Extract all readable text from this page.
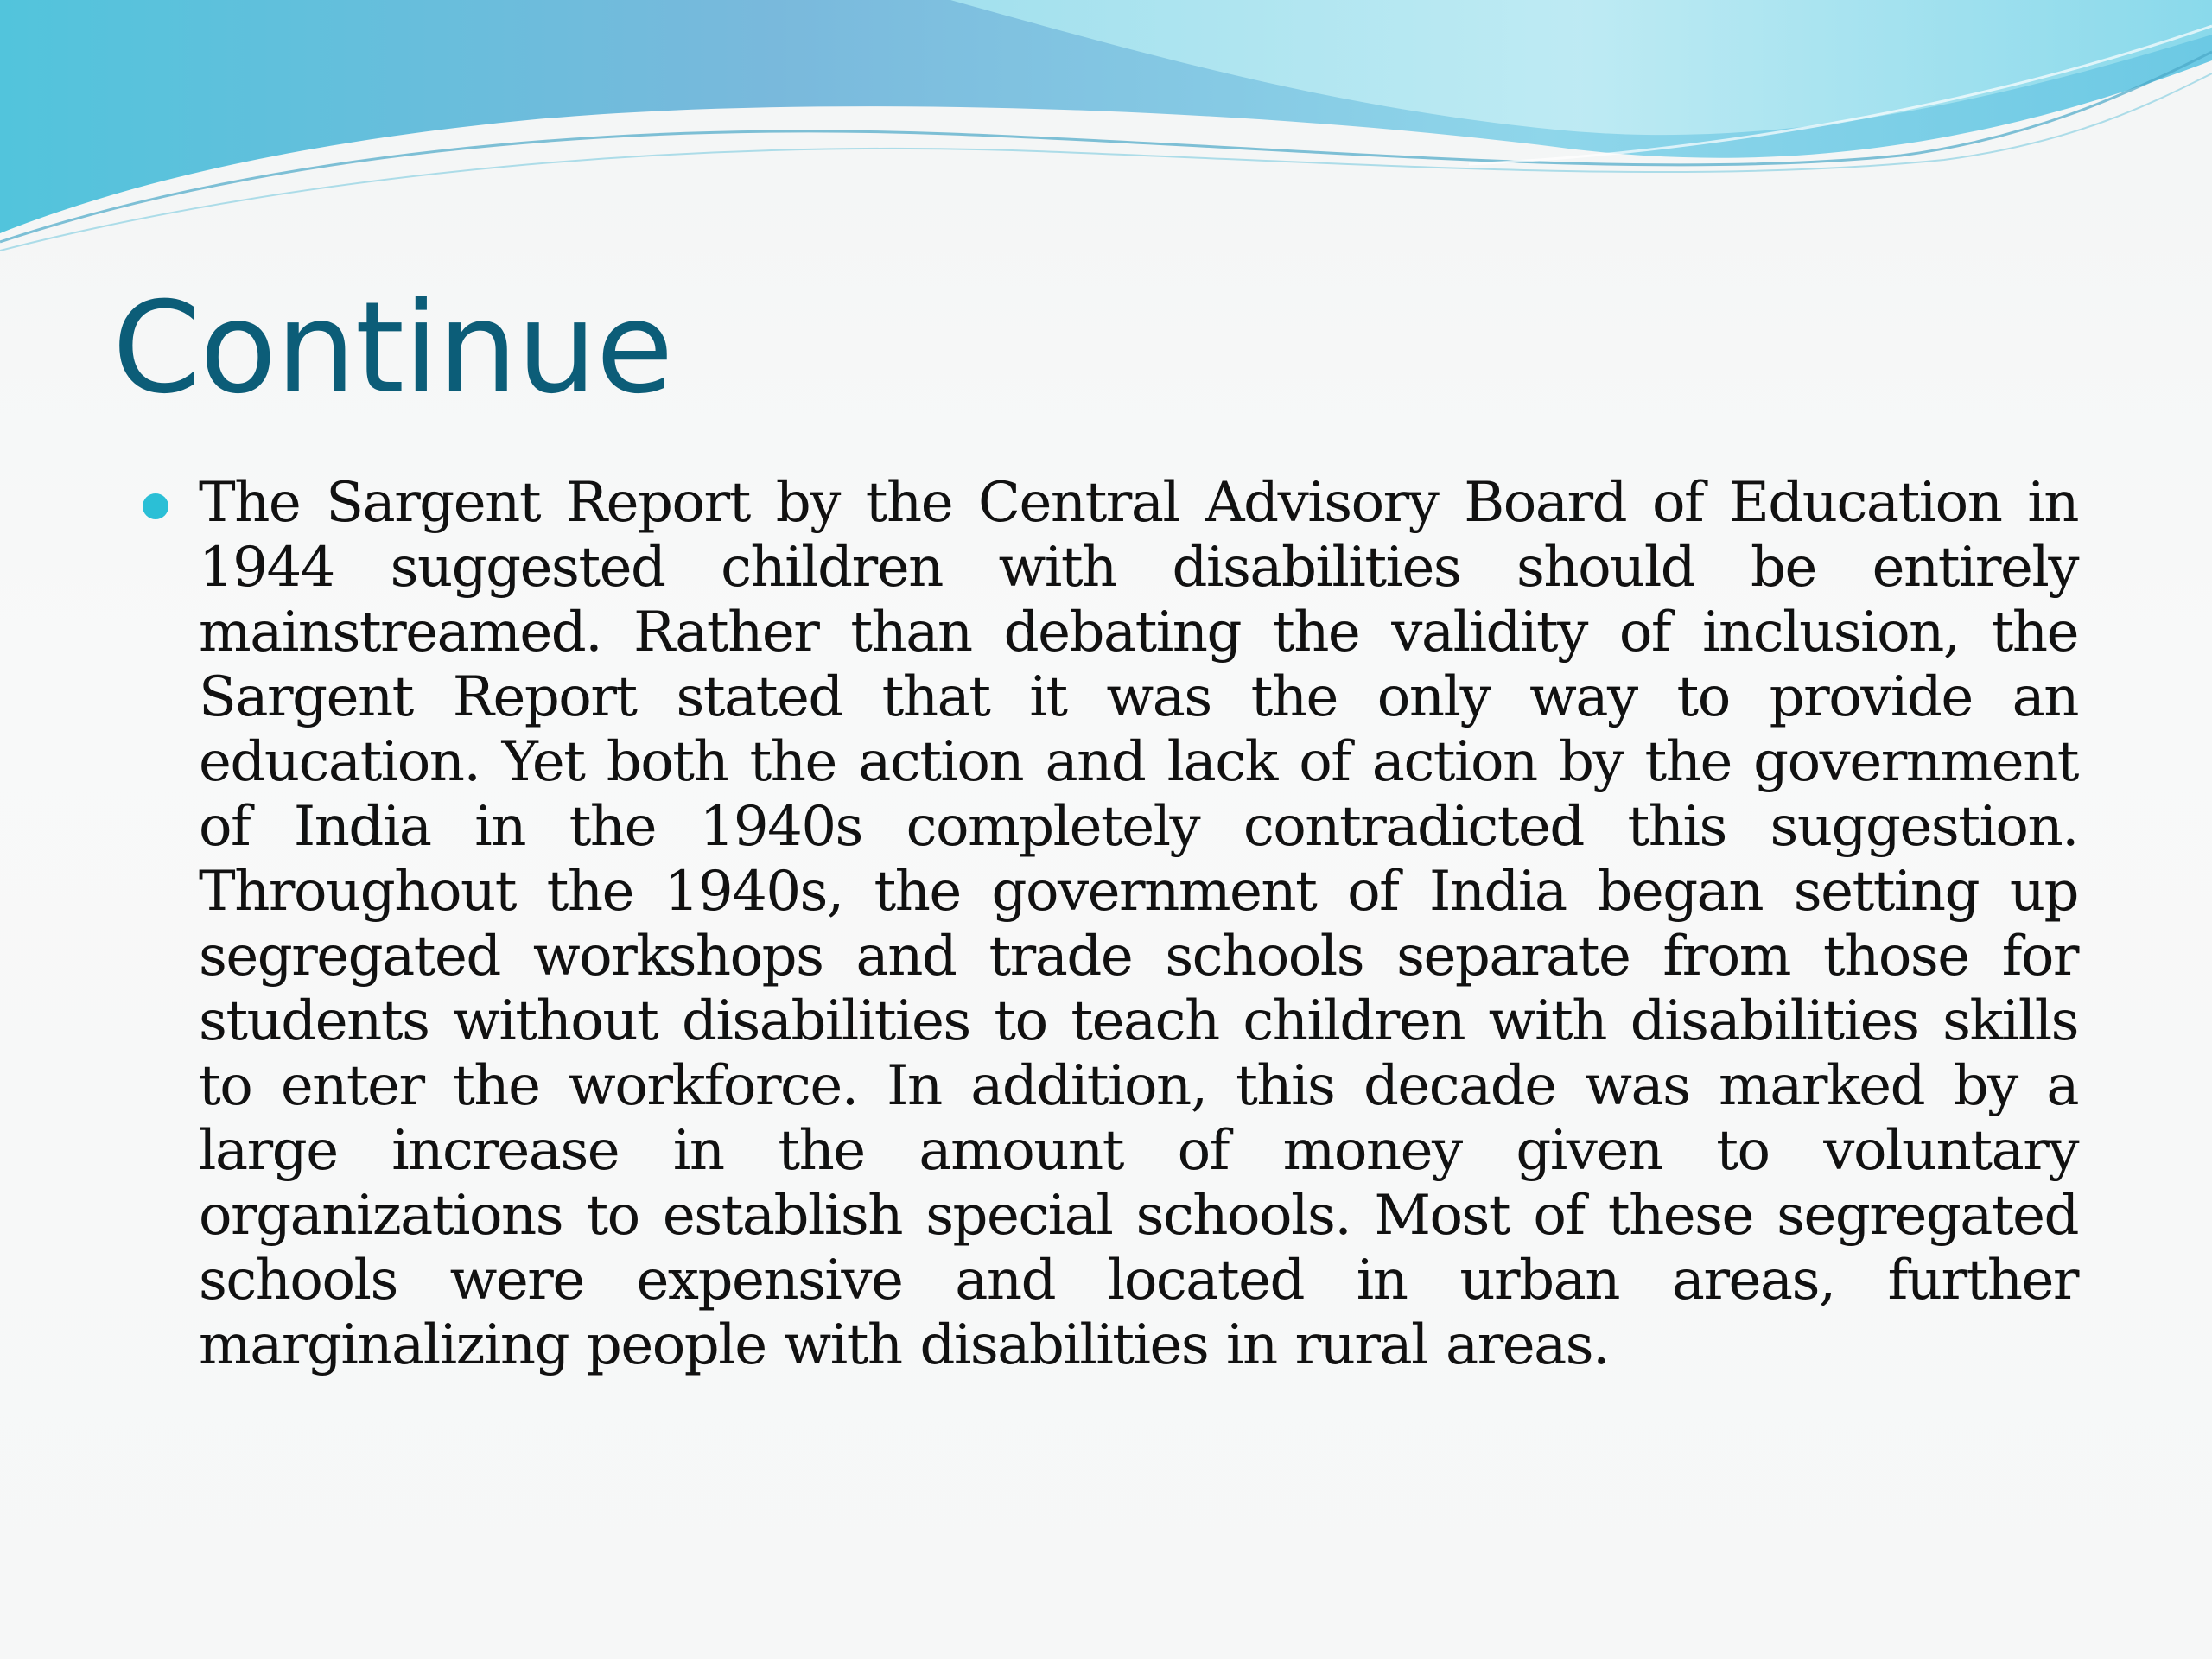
Continue

The Sargent Report by the Central Advisory Board of Education in 1944 suggested children with disabilities should be entirely mainstreamed. Rather than debating the validity of inclusion, the Sargent Report stated that it was the only way to provide an education. Yet both the action and lack of action by the government of India in the 1940s completely contradicted this suggestion. Throughout the 1940s, the government of India began setting up segregated workshops and trade schools separate from those for students without disabilities to teach children with disabilities skills to enter the workforce. In addition, this decade was marked by a large increase in the amount of money given to voluntary organizations to establish special schools. Most of these segregated schools were expensive and located in urban areas, further marginalizing people with disabilities in rural areas.
